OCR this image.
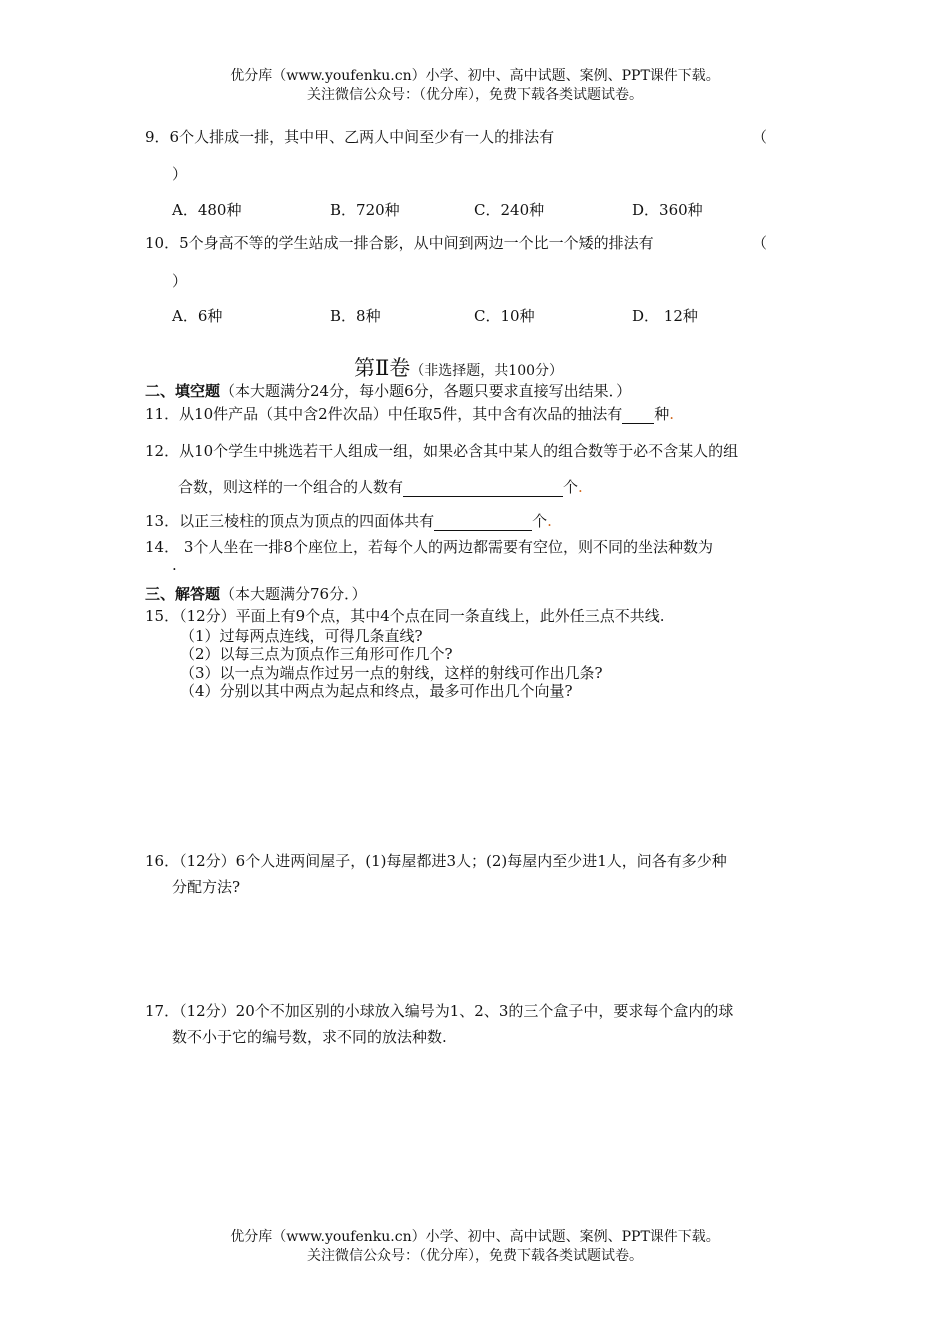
优分库（www.youfenku.cn）小学、初中、高中试题、案例、PPT课件下载。
关注微信公众号：（优分库），免费下载各类试题试卷。
9．6个人排成一排，其中甲、乙两人中间至少有一人的排法有	（
）
A．480种	B．720种	C．240种	D．360种
10．5个身高不等的学生站成一排合影，从中间到两边一个比一个矮的排法有	（
）
A．6种	B．8种	C．10种	D． 12种
第Ⅱ卷（非选择题，共100分）
二、填空题（本大题满分24分，每小题6分，各题只要求直接写出结果．）
11．从10件产品（其中含2件次品）中任取5件，其中含有次品的抽法有 种.
12．从10个学生中挑选若干人组成一组，如果必含其中某人的组合数等于必不含某人的组
合数，则这样的一个组合的人数有	个.
13．以正三棱柱的顶点为顶点的四面体共有	个.
14． 3个人坐在一排8个座位上，若每个人的两边都需要有空位，则不同的坐法种数为
.
三、解答题（本大题满分76分．）
15．（12分）平面上有9个点，其中4个点在同一条直线上，此外任三点不共线.
（1）过每两点连线，可得几条直线?
（2）以每三点为顶点作三角形可作几个?
（3）以一点为端点作过另一点的射线，这样的射线可作出几条?
（4）分别以其中两点为起点和终点，最多可作出几个向量?
16．（12分）6个人进两间屋子，(1)每屋都进3人；(2)每屋内至少进1人，问各有多少种
分配方法?
17．（12分）20个不加区别的小球放入编号为1、2、3的三个盒子中，要求每个盒内的球
数不小于它的编号数，求不同的放法种数.
优分库（www.youfenku.cn）小学、初中、高中试题、案例、PPT课件下载。
关注微信公众号：（优分库），免费下载各类试题试卷。
